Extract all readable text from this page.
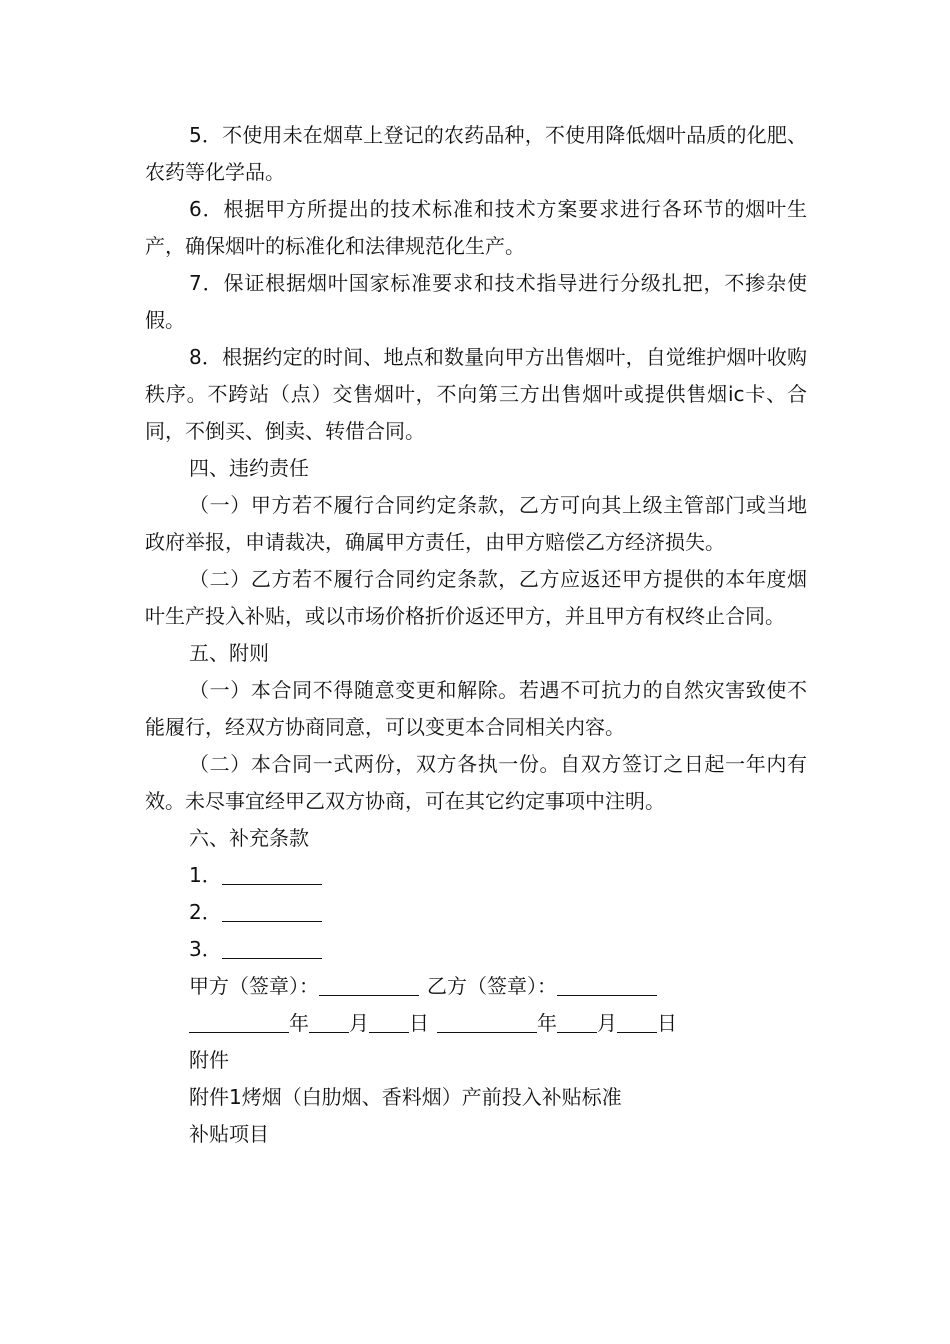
5．不使用未在烟草上登记的农药品种，不使用降低烟叶品质的化肥、农药等化学品。

6．根据甲方所提出的技术标准和技术方案要求进行各环节的烟叶生产，确保烟叶的标准化和法律规范化生产。

7．保证根据烟叶国家标准要求和技术指导进行分级扎把，不掺杂使假。

8．根据约定的时间、地点和数量向甲方出售烟叶，自觉维护烟叶收购秩序。不跨站（点）交售烟叶，不向第三方出售烟叶或提供售烟ic卡、合同，不倒买、倒卖、转借合同。

四、违约责任

（一）甲方若不履行合同约定条款，乙方可向其上级主管部门或当地政府举报，申请裁决，确属甲方责任，由甲方赔偿乙方经济损失。

（二）乙方若不履行合同约定条款，乙方应返还甲方提供的本年度烟叶生产投入补贴，或以市场价格折价返还甲方，并且甲方有权终止合同。

五、附则

（一）本合同不得随意变更和解除。若遇不可抗力的自然灾害致使不能履行，经双方协商同意，可以变更本合同相关内容。

（二）本合同一式两份，双方各执一份。自双方签订之日起一年内有效。未尽事宜经甲乙双方协商，可在其它约定事项中注明。

六、补充条款

1．
2．
3．
甲方（签章）：	乙方（签章）：
年 月 日	年 月 日
附件
附件1烤烟（白肋烟、香料烟）产前投入补贴标准
补贴项目
